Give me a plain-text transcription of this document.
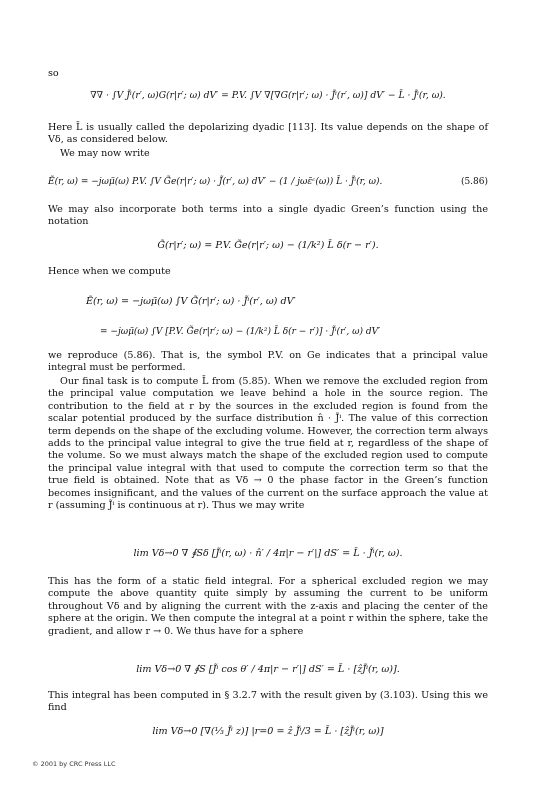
so

∇∇ · ∫V J̃ⁱ(r′, ω)G(r|r′; ω) dV′ = P.V. ∫V ∇[∇G(r|r′; ω) · J̃ⁱ(r′, ω)] dV′ − L̄ · J̃ⁱ(r, ω).

Here L̄ is usually called the depolarizing dyadic [113]. Its value depends on the shape of Vδ, as considered below.

We may now write

Ẽ(r, ω) = −jωμ̃(ω) P.V. ∫V G̃e(r|r′; ω) · J̃(r′, ω) dV′ − (1 / jωε̃ᶜ(ω)) L̄ · J̃ⁱ(r, ω).	(5.86)

We may also incorporate both terms into a single dyadic Green’s function using the notation

G̃(r|r′; ω) = P.V. G̃e(r|r′; ω) − (1/k²) L̄ δ(r − r′).

Hence when we compute

Ẽ(r, ω) = −jωμ̃(ω) ∫V G̃(r|r′; ω) · J̃ⁱ(r′, ω) dV′
= −jωμ̃(ω) ∫V [P.V. G̃e(r|r′; ω) − (1/k²) L̄ δ(r − r′)] · J̃ⁱ(r′, ω) dV′

we reproduce (5.86). That is, the symbol P.V. on Ge indicates that a principal value integral must be performed.

Our final task is to compute L̄ from (5.85). When we remove the excluded region from the principal value computation we leave behind a hole in the source region. The contribution to the field at r by the sources in the excluded region is found from the scalar potential produced by the surface distribution n̂ · J̃ⁱ. The value of this correction term depends on the shape of the excluding volume. However, the correction term always adds to the principal value integral to give the true field at r, regardless of the shape of the volume. So we must always match the shape of the excluded region used to compute the principal value integral with that used to compute the correction term so that the true field is obtained. Note that as Vδ → 0 the phase factor in the Green’s function becomes insignificant, and the values of the current on the surface approach the value at r (assuming J̃ⁱ is continuous at r). Thus we may write

lim Vδ→0 ∇ ∮Sδ [J̃ⁱ(r, ω) · n̂′ / 4π|r − r′|] dS′ = L̄ · J̃ⁱ(r, ω).

This has the form of a static field integral. For a spherical excluded region we may compute the above quantity quite simply by assuming the current to be uniform throughout Vδ and by aligning the current with the z-axis and placing the center of the sphere at the origin. We then compute the integral at a point r within the sphere, take the gradient, and allow r → 0. We thus have for a sphere

lim Vδ→0 ∇ ∮S [J̃ⁱ cos θ′ / 4π|r − r′|] dS′ = L̄ · [ẑJ̃ⁱ(r, ω)].

This integral has been computed in § 3.2.7 with the result given by (3.103). Using this we find

lim Vδ→0 [∇(⅓ J̃ⁱ z)] |r=0 = ẑ J̃ⁱ/3 = L̄ · [ẑJ̃ⁱ(r, ω)]
© 2001 by CRC Press LLC
